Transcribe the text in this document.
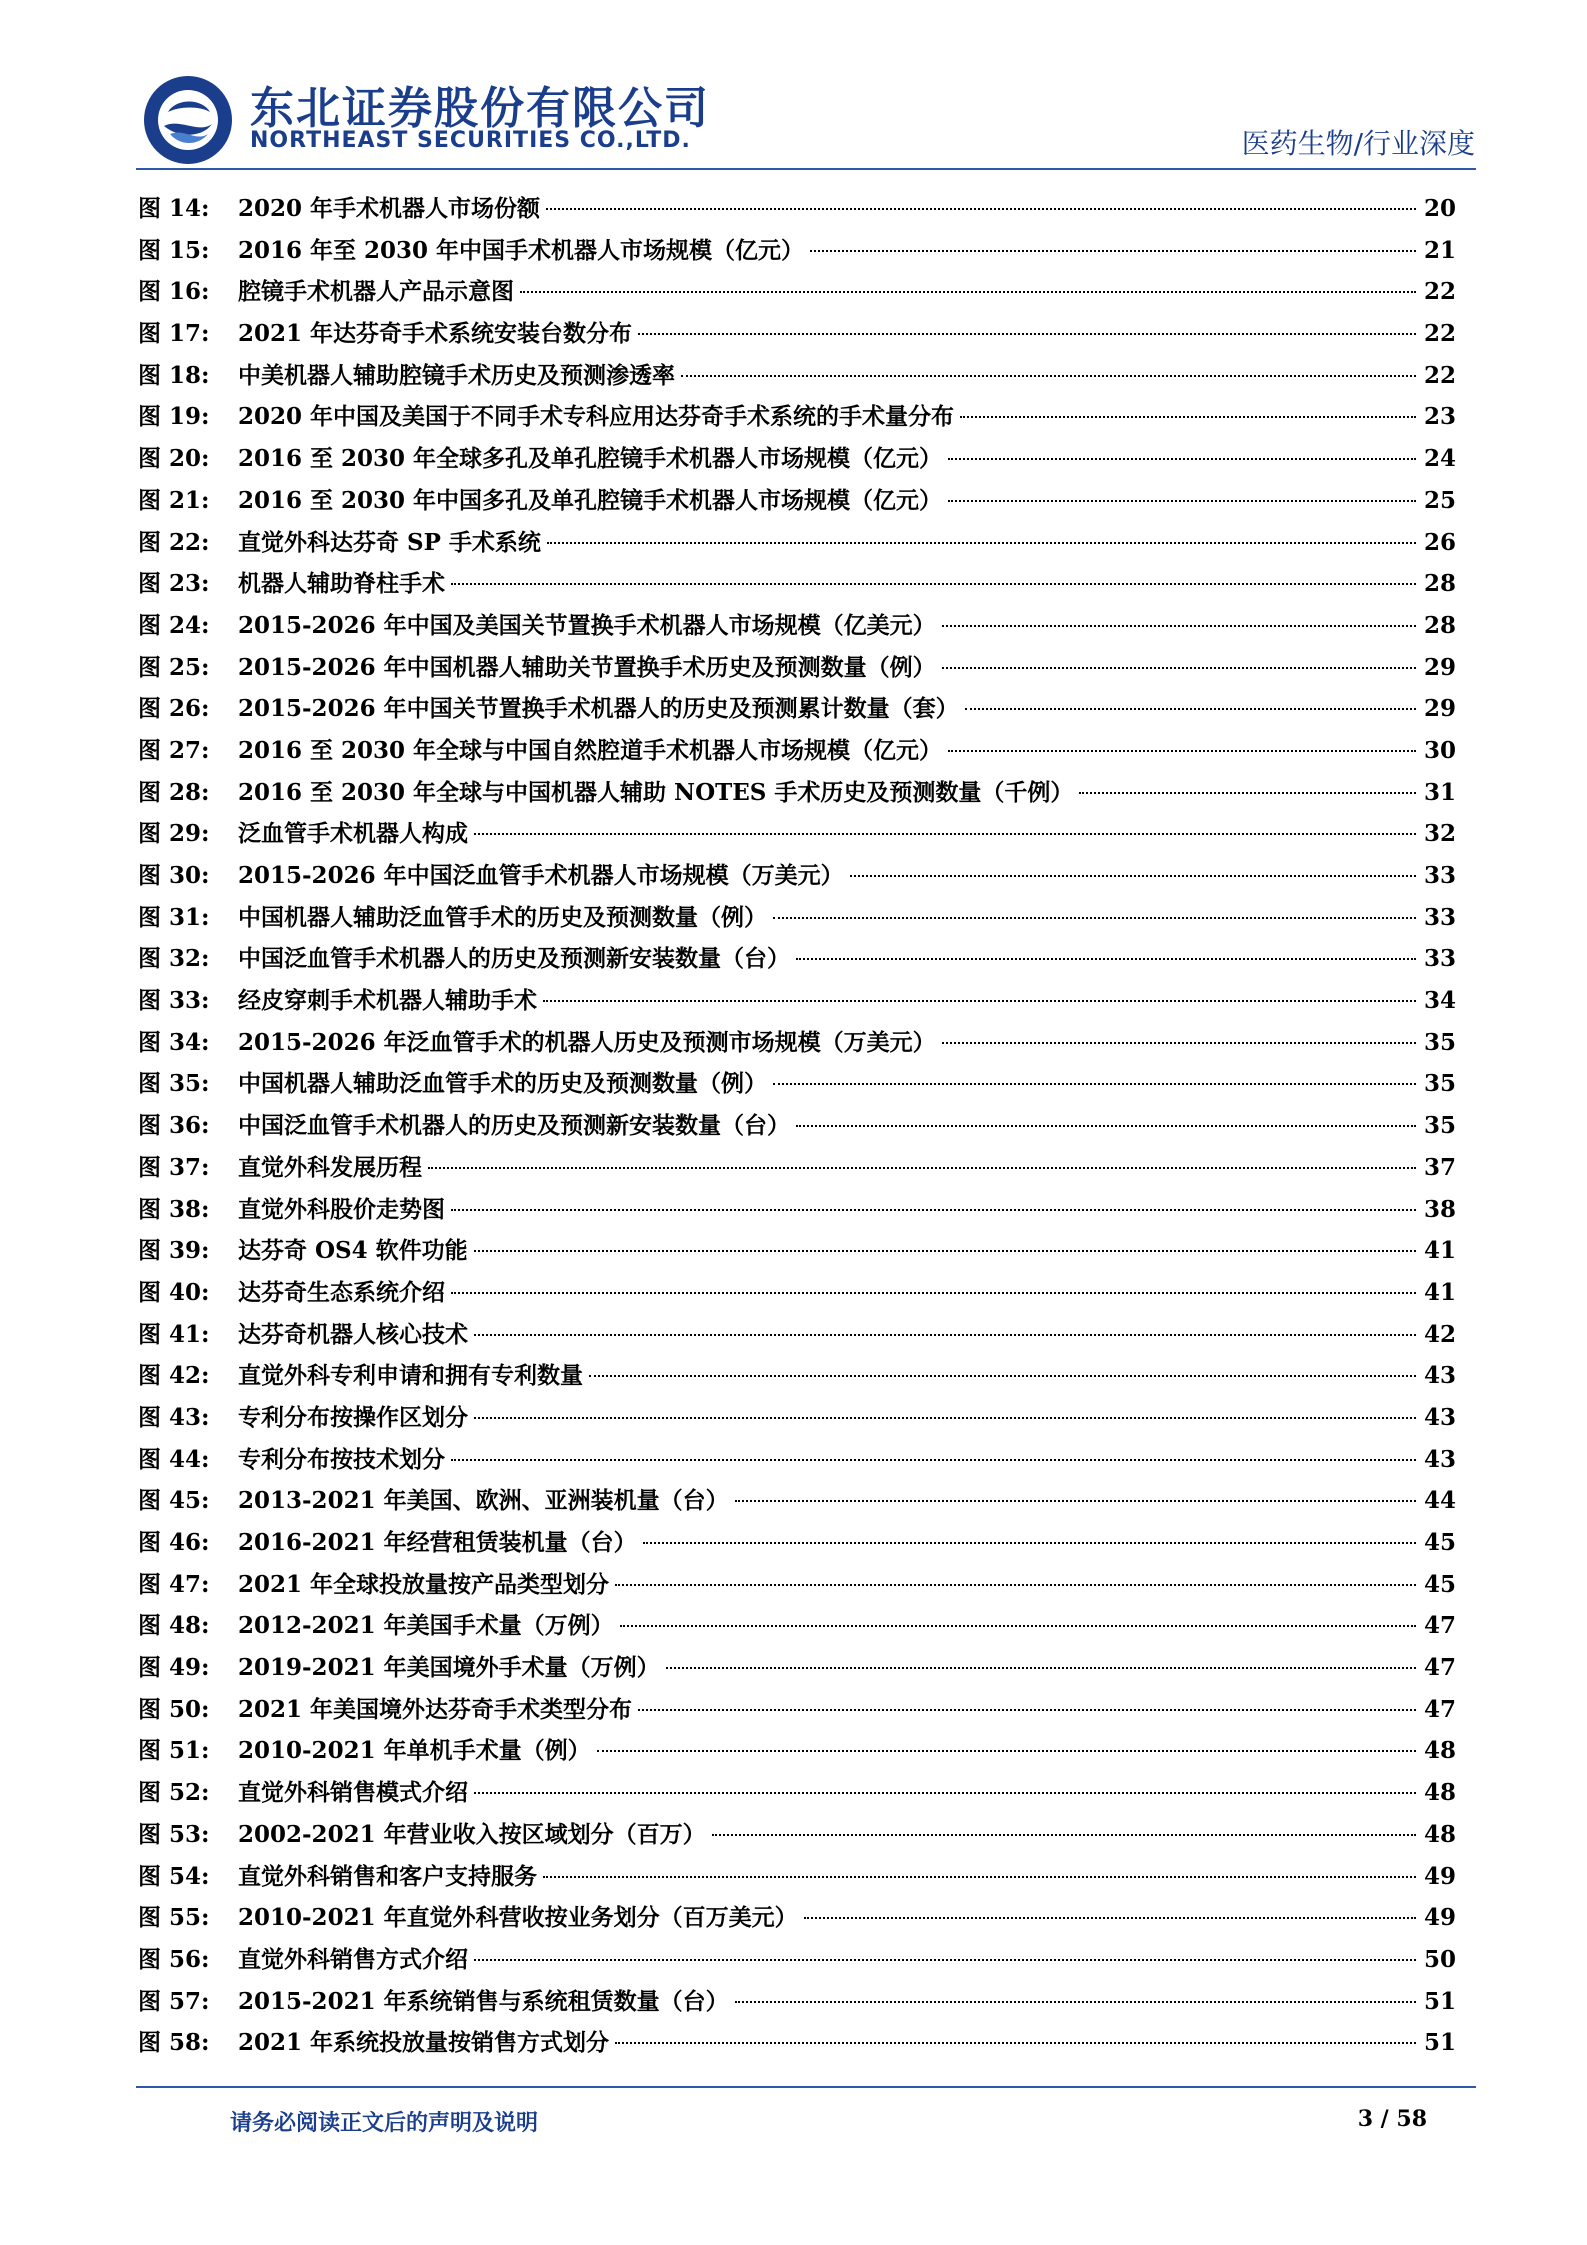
东北证券股份有限公司
NORTHEAST SECURITIES CO.,LTD.	医药生物/行业深度
图 14:	2020 年手术机器人市场份额	20
图 15:	2016 年至 2030 年中国手术机器人市场规模（亿元）	21
图 16:	腔镜手术机器人产品示意图	22
图 17:	2021 年达芬奇手术系统安装台数分布	22
图 18:	中美机器人辅助腔镜手术历史及预测渗透率	22
图 19:	2020 年中国及美国于不同手术专科应用达芬奇手术系统的手术量分布	23
图 20:	2016 至 2030 年全球多孔及单孔腔镜手术机器人市场规模（亿元）	24
图 21:	2016 至 2030 年中国多孔及单孔腔镜手术机器人市场规模（亿元）	25
图 22:	直觉外科达芬奇 SP 手术系统	26
图 23:	机器人辅助脊柱手术	28
图 24:	2015-2026 年中国及美国关节置换手术机器人市场规模（亿美元）	28
图 25:	2015-2026 年中国机器人辅助关节置换手术历史及预测数量（例）	29
图 26:	2015-2026 年中国关节置换手术机器人的历史及预测累计数量（套）	29
图 27:	2016 至 2030 年全球与中国自然腔道手术机器人市场规模（亿元）	30
图 28:	2016 至 2030 年全球与中国机器人辅助 NOTES 手术历史及预测数量（千例）	31
图 29:	泛血管手术机器人构成	32
图 30:	2015-2026 年中国泛血管手术机器人市场规模（万美元）	33
图 31:	中国机器人辅助泛血管手术的历史及预测数量（例）	33
图 32:	中国泛血管手术机器人的历史及预测新安装数量（台）	33
图 33:	经皮穿刺手术机器人辅助手术	34
图 34:	2015-2026 年泛血管手术的机器人历史及预测市场规模（万美元）	35
图 35:	中国机器人辅助泛血管手术的历史及预测数量（例）	35
图 36:	中国泛血管手术机器人的历史及预测新安装数量（台）	35
图 37:	直觉外科发展历程	37
图 38:	直觉外科股价走势图	38
图 39:	达芬奇 OS4 软件功能	41
图 40:	达芬奇生态系统介绍	41
图 41:	达芬奇机器人核心技术	42
图 42:	直觉外科专利申请和拥有专利数量	43
图 43:	专利分布按操作区划分	43
图 44:	专利分布按技术划分	43
图 45:	2013-2021 年美国、欧洲、亚洲装机量（台）	44
图 46:	2016-2021 年经营租赁装机量（台）	45
图 47:	2021 年全球投放量按产品类型划分	45
图 48:	2012-2021 年美国手术量（万例）	47
图 49:	2019-2021 年美国境外手术量（万例）	47
图 50:	2021 年美国境外达芬奇手术类型分布	47
图 51:	2010-2021 年单机手术量（例）	48
图 52:	直觉外科销售模式介绍	48
图 53:	2002-2021 年营业收入按区域划分（百万）	48
图 54:	直觉外科销售和客户支持服务	49
图 55:	2010-2021 年直觉外科营收按业务划分（百万美元）	49
图 56:	直觉外科销售方式介绍	50
图 57:	2015-2021 年系统销售与系统租赁数量（台）	51
图 58:	2021 年系统投放量按销售方式划分	51
请务必阅读正文后的声明及说明	3 / 58
